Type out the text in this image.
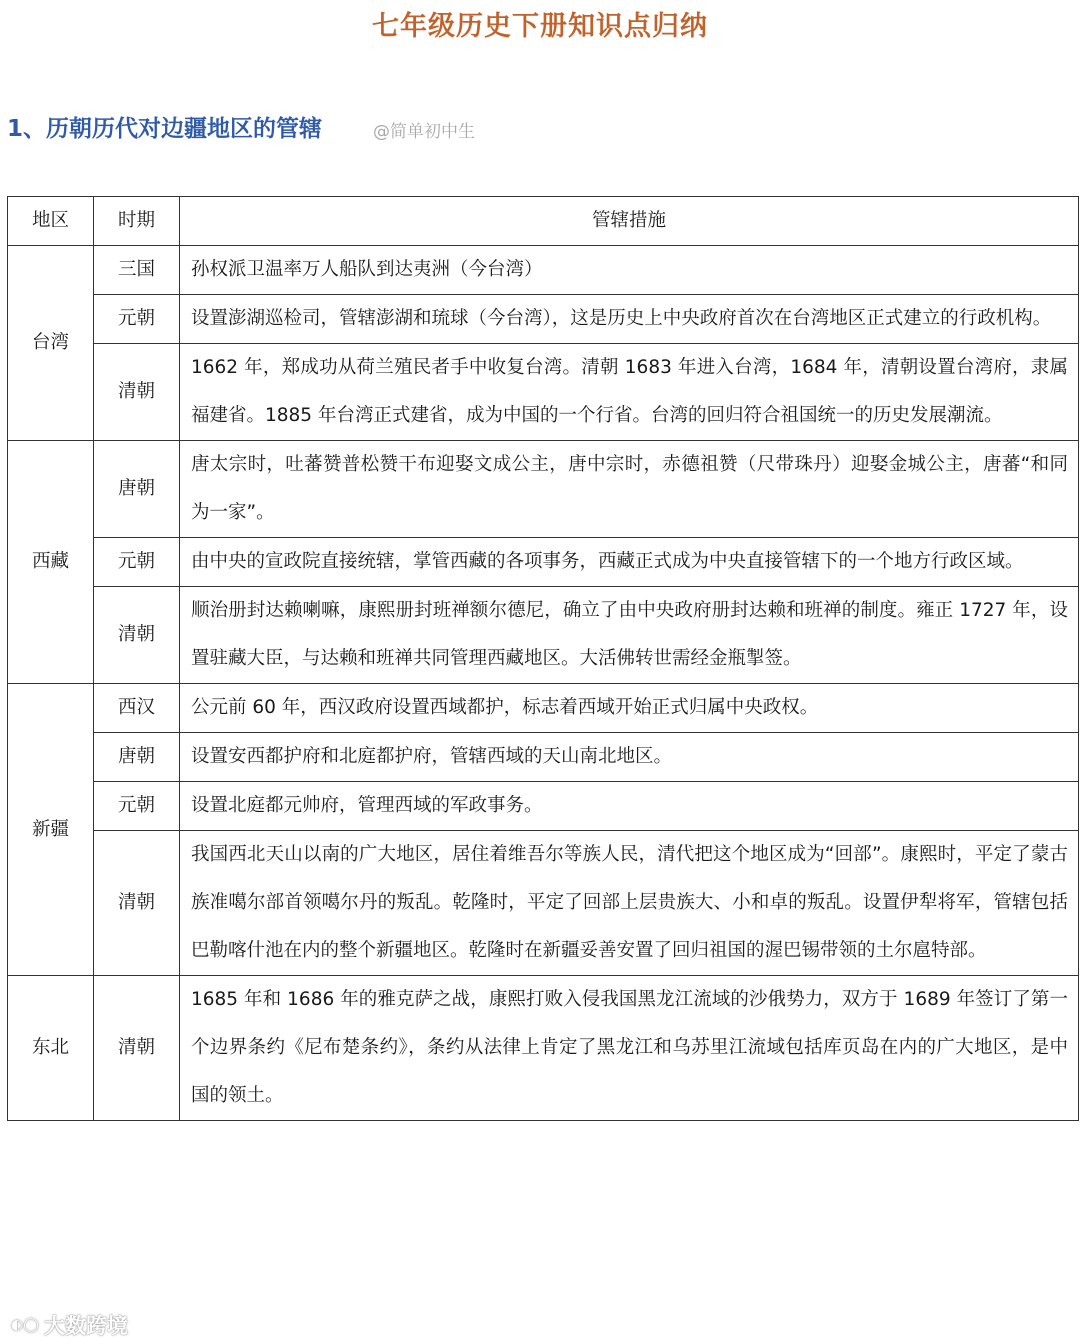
七年级历史下册知识点归纳
1、历朝历代对边疆地区的管辖	@简单初中生
地区	时期	管辖措施
台湾	三国	孙权派卫温率万人船队到达夷洲（今台湾）
	元朝	设置澎湖巡检司，管辖澎湖和琉球（今台湾），这是历史上中央政府首次在台湾地区正式建立的行政机构。
	清朝	1662 年，郑成功从荷兰殖民者手中收复台湾。清朝 1683 年进入台湾，1684 年，清朝设置台湾府，隶属福建省。1885 年台湾正式建省，成为中国的一个行省。台湾的回归符合祖国统一的历史发展潮流。
西藏	唐朝	唐太宗时，吐蕃赞普松赞干布迎娶文成公主，唐中宗时，赤德祖赞（尺带珠丹）迎娶金城公主，唐蕃“和同为一家”。
	元朝	由中央的宣政院直接统辖，掌管西藏的各项事务，西藏正式成为中央直接管辖下的一个地方行政区域。
	清朝	顺治册封达赖喇嘛，康熙册封班禅额尔德尼，确立了由中央政府册封达赖和班禅的制度。雍正 1727 年，设置驻藏大臣，与达赖和班禅共同管理西藏地区。大活佛转世需经金瓶掣签。
新疆	西汉	公元前 60 年，西汉政府设置西域都护，标志着西域开始正式归属中央政权。
	唐朝	设置安西都护府和北庭都护府，管辖西域的天山南北地区。
	元朝	设置北庭都元帅府，管理西域的军政事务。
	清朝	我国西北天山以南的广大地区，居住着维吾尔等族人民，清代把这个地区成为“回部”。康熙时，平定了蒙古族准噶尔部首领噶尔丹的叛乱。乾隆时，平定了回部上层贵族大、小和卓的叛乱。设置伊犁将军，管辖包括巴勒喀什池在内的整个新疆地区。乾隆时在新疆妥善安置了回归祖国的渥巴锡带领的土尔扈特部。
东北	清朝	1685 年和 1686 年的雅克萨之战，康熙打败入侵我国黑龙江流域的沙俄势力，双方于 1689 年签订了第一个边界条约《尼布楚条约》，条约从法律上肯定了黑龙江和乌苏里江流域包括库页岛在内的广大地区，是中国的领土。
◐◯ 大数跨境
